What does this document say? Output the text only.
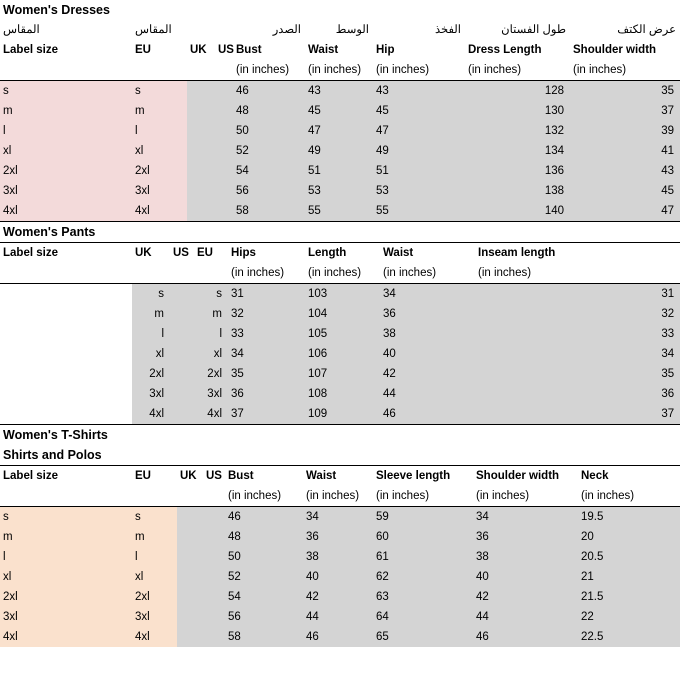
Women's Dresses								
المقاس	المقاس			الصدر	الوسط	الفخذ	طول الفستان	عرض الكتف
Label size	EU	UK	US	Bust	Waist	Hip	Dress Length	Shoulder width
				(in inches)	(in inches)	(in inches)	(in inches)	(in inches)
s	s			46	43	43	128	35
m	m			48	45	45	130	37
l	l			50	47	47	132	39
xl	xl			52	49	49	134	41
2xl	2xl			54	51	51	136	43
3xl	3xl			56	53	53	138	45
4xl	4xl			58	55	55	140	47
Women's Pants							
Label size	UK	US	EU	Hips	Length	Waist	Inseam length
				(in inches)	(in inches)	(in inches)	(in inches)
	s		s	31	103	34	31
	m		m	32	104	36	32
	l		l	33	105	38	33
	xl		xl	34	106	40	34
	2xl		2xl	35	107	42	35
	3xl		3xl	36	108	44	36
	4xl		4xl	37	109	46	37
Women's T-Shirts								
Shirts and Polos								
Label size	EU	UK	US	Bust	Waist	Sleeve length	Shoulder width	Neck
				(in inches)	(in inches)	(in inches)	(in inches)	(in inches)
s	s			46	34	59	34	19.5
m	m			48	36	60	36	20
l	l			50	38	61	38	20.5
xl	xl			52	40	62	40	21
2xl	2xl			54	42	63	42	21.5
3xl	3xl			56	44	64	44	22
4xl	4xl			58	46	65	46	22.5
